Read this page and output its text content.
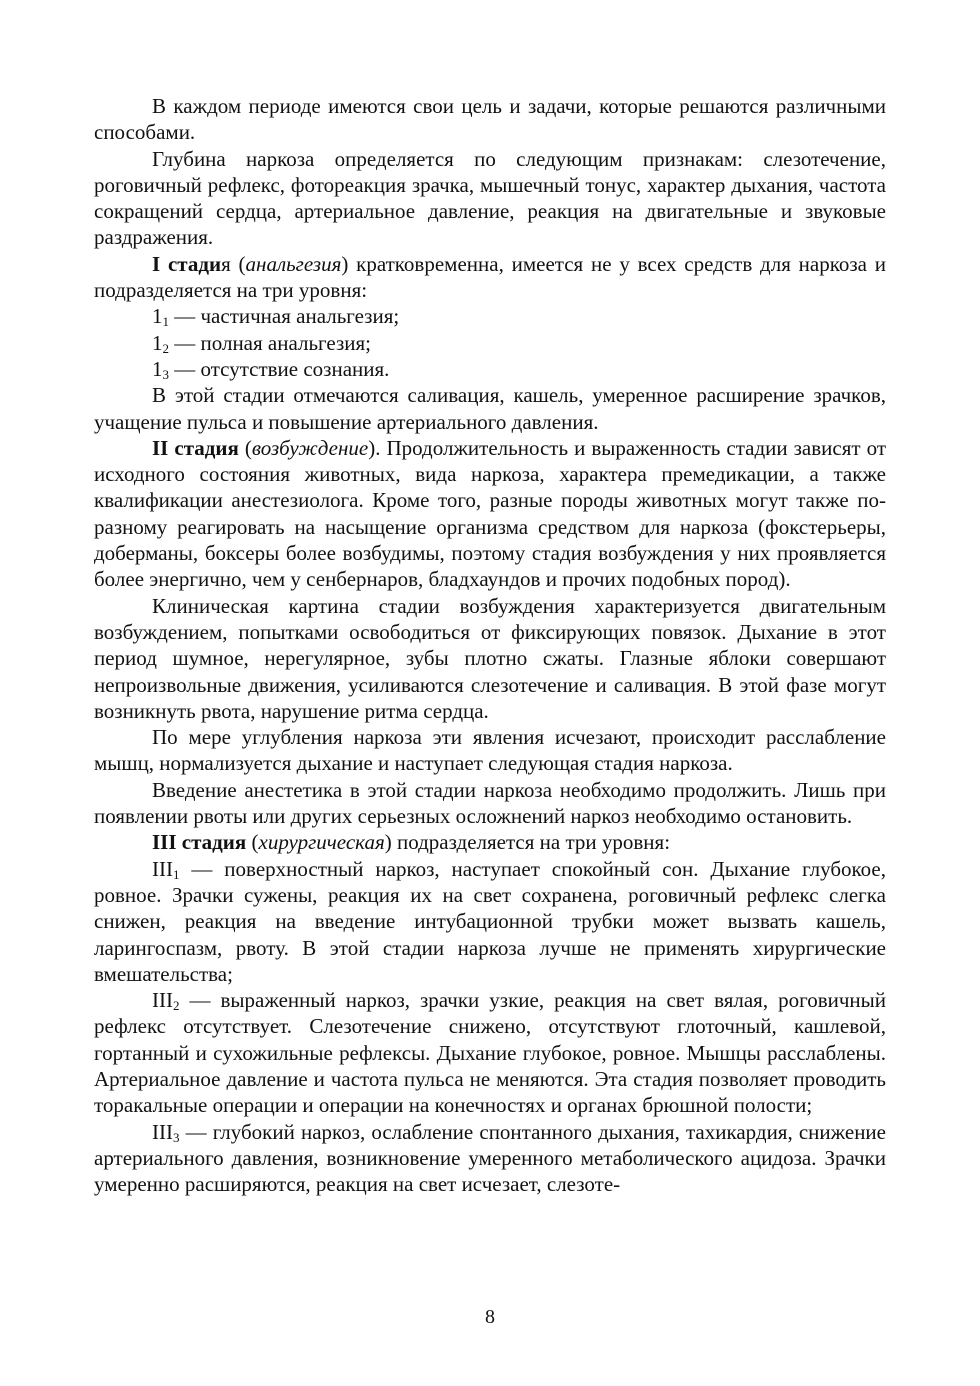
В каждом периоде имеются свои цель и задачи, которые решаются различными способами.

Глубина наркоза определяется по следующим признакам: слезотечение, роговичный рефлекс, фотореакция зрачка, мышечный тонус, характер дыхания, частота сокращений сердца, артериальное давление, реакция на двигательные и звуковые раздражения.

I стадия (анальгезия) кратковременна, имеется не у всех средств для наркоза и подразделяется на три уровня:

$1_1$ — частичная анальгезия;

$1_2$ — полная анальгезия;

$1_3$ — отсутствие сознания.

В этой стадии отмечаются саливация, кашель, умеренное расширение зрачков, учащение пульса и повышение артериального давления.

II стадия (возбуждение). Продолжительность и выраженность стадии зависят от исходного состояния животных, вида наркоза, характера премедикации, а также квалификации анестезиолога. Кроме того, разные породы животных могут также по-разному реагировать на насыщение организма средством для наркоза (фокстерьеры, доберманы, боксеры более возбудимы, поэтому стадия возбуждения у них проявляется более энергично, чем у сенбернаров, бладхаундов и прочих подобных пород).

Клиническая картина стадии возбуждения характеризуется двигательным возбуждением, попытками освободиться от фиксирующих повязок. Дыхание в этот период шумное, нерегулярное, зубы плотно сжаты. Глазные яблоки совершают непроизвольные движения, усиливаются слезотечение и саливация. В этой фазе могут возникнуть рвота, нарушение ритма сердца.

По мере углубления наркоза эти явления исчезают, происходит расслабление мышц, нормализуется дыхание и наступает следующая стадия наркоза.

Введение анестетика в этой стадии наркоза необходимо продолжить. Лишь при появлении рвоты или других серьезных осложнений наркоз необходимо остановить.

III стадия (хирургическая) подразделяется на три уровня:

$III_1$ — поверхностный наркоз, наступает спокойный сон. Дыхание глубокое, ровное. Зрачки сужены, реакция их на свет сохранена, роговичный рефлекс слегка снижен, реакция на введение интубационной трубки может вызвать кашель, ларингоспазм, рвоту. В этой стадии наркоза лучше не применять хирургические вмешательства;

$III_2$ — выраженный наркоз, зрачки узкие, реакция на свет вялая, роговичный рефлекс отсутствует. Слезотечение снижено, отсутствуют глоточный, кашлевой, гортанный и сухожильные рефлексы. Дыхание глубокое, ровное. Мышцы расслаблены. Артериальное давление и частота пульса не меняются. Эта стадия позволяет проводить торакальные операции и операции на конечностях и органах брюшной полости;

$III_3$ — глубокий наркоз, ослабление спонтанного дыхания, тахикардия, снижение артериального давления, возникновение умеренного метаболического ацидоза. Зрачки умеренно расширяются, реакция на свет исчезает, слезоте-

8
